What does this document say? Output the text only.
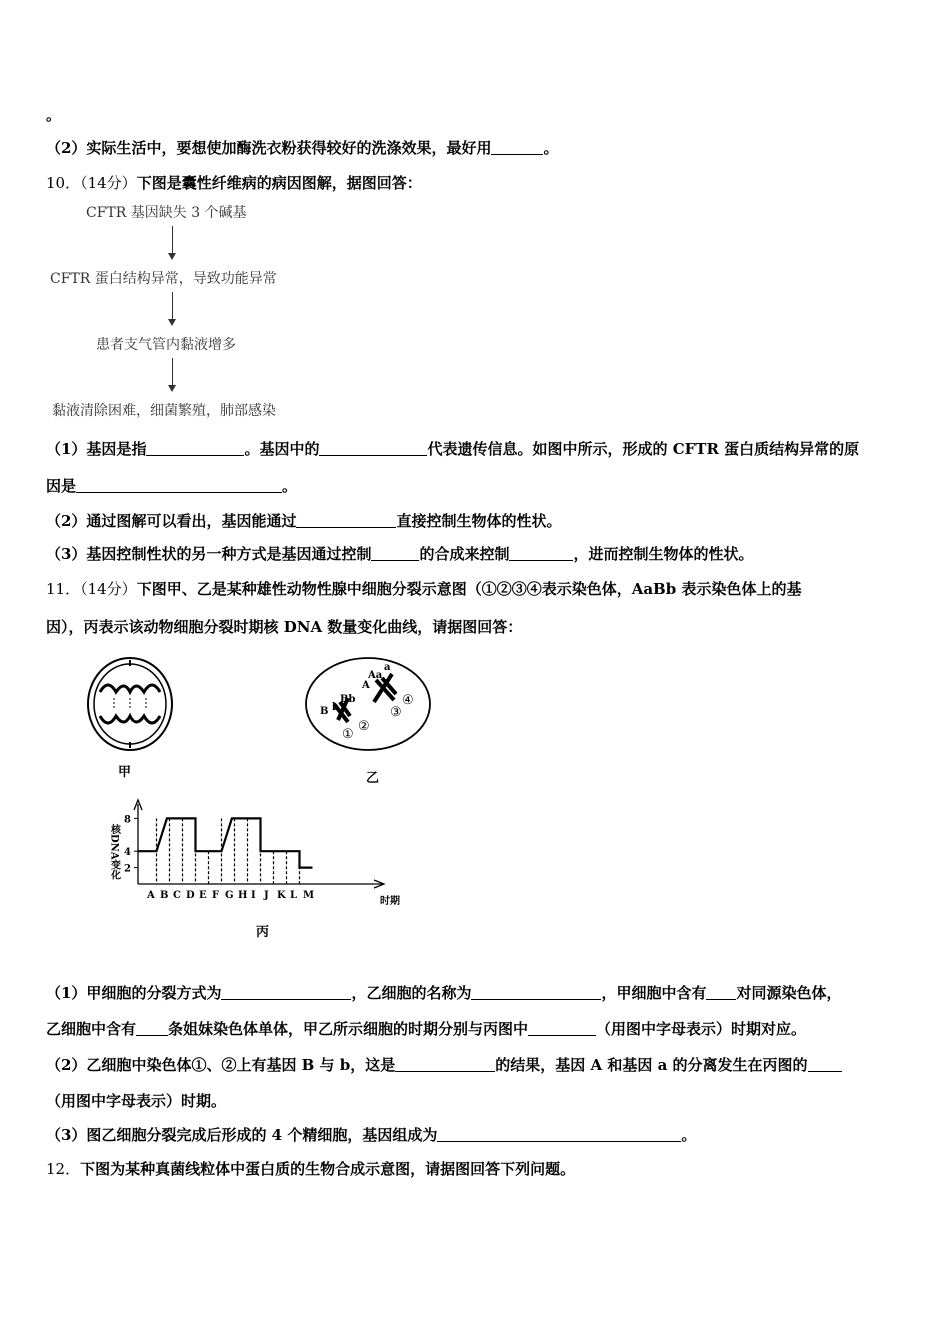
。
（2）实际生活中，要想使加酶洗衣粉获得较好的洗涤效果，最好用	。
10．（14分）下图是囊性纤维病的病因图解，据图回答：
CFTR 基因缺失 3 个碱基
CFTR 蛋白结构异常，导致功能异常
患者支气管内黏液增多
黏液清除困难，细菌繁殖，肺部感染
（1）基因是指	。基因中的	代表遗传信息。如图中所示，形成的 CFTR 蛋白质结构异常的原
因是	。
（2）通过图解可以看出，基因能通过	直接控制生物体的性状。
（3）基因控制性状的另一种方式是基因通过控制	的合成来控制	，进而控制生物体的性状。
11．（14分）下图甲、乙是某种雄性动物性腺中细胞分裂示意图（①②③④表示染色体，AaBb 表示染色体上的基
因），丙表示该动物细胞分裂时期核 DNA 数量变化曲线，请据图回答：
甲
B b
Bb
A
Aa
a
①
②
③
④
乙
核DNA变化
时期
丙
2
4
8
A B C D E F G H I J K L M
（1）甲细胞的分裂方式为	，乙细胞的名称为	，甲细胞中含有 对同源染色体，
乙细胞中含有 条姐妹染色体单体，甲乙所示细胞的时期分别与丙图中	（用图中字母表示）时期对应。
（2）乙细胞中染色体①、②上有基因 B 与 b，这是	的结果，基因 A 和基因 a 的分离发生在丙图的
（用图中字母表示）时期。
（3）图乙细胞分裂完成后形成的 4 个精细胞，基因组成为	。
12．下图为某种真菌线粒体中蛋白质的生物合成示意图，请据图回答下列问题。
